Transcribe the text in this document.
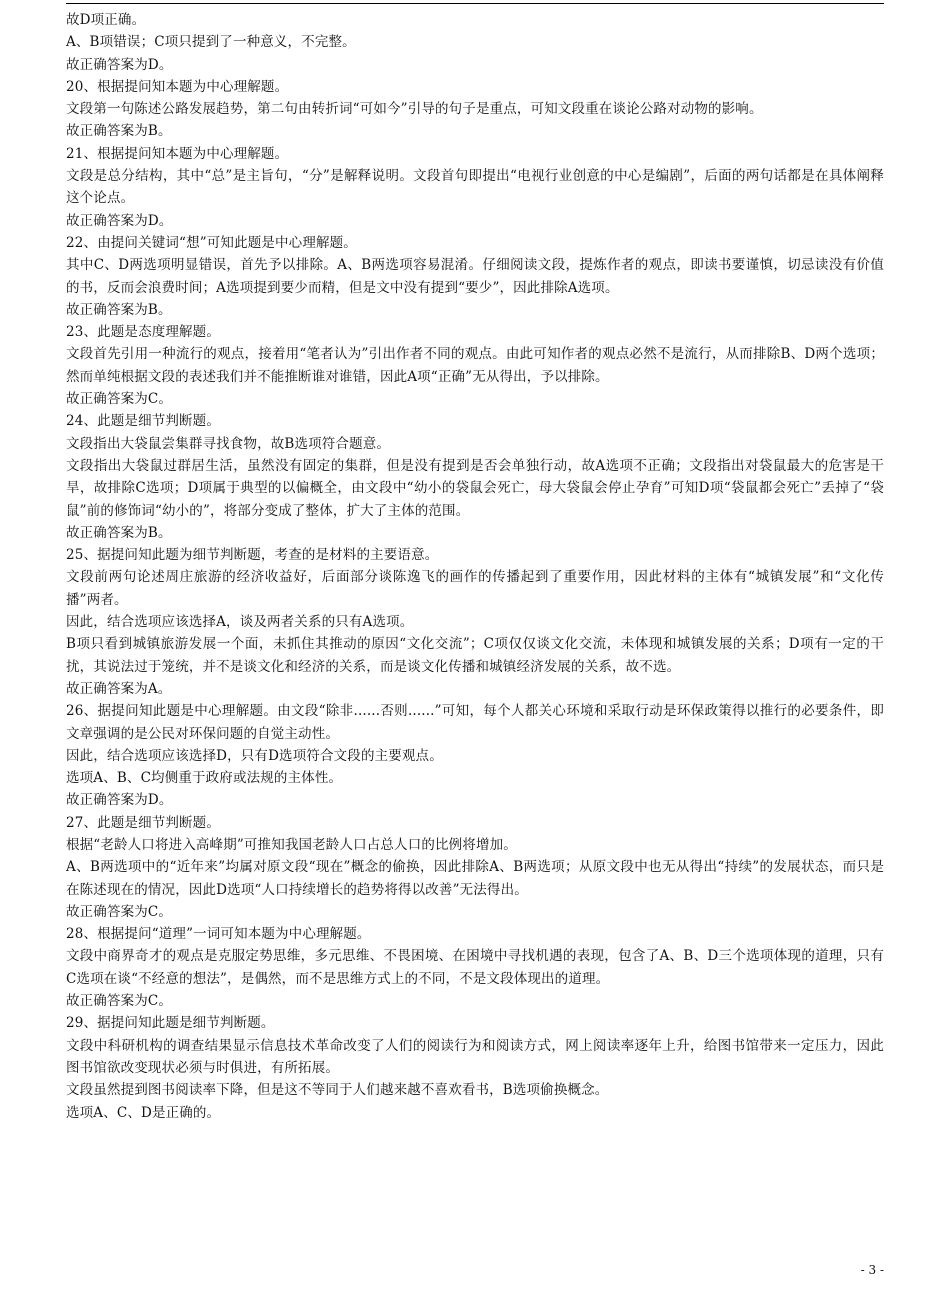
故D项正确。

A、B项错误；C项只提到了一种意义，不完整。

故正确答案为D。

20、根据提问知本题为中心理解题。

文段第一句陈述公路发展趋势，第二句由转折词“可如今”引导的句子是重点，可知文段重在谈论公路对动物的影响。

故正确答案为B。

21、根据提问知本题为中心理解题。

文段是总分结构，其中“总”是主旨句，“分”是解释说明。文段首句即提出“电视行业创意的中心是编剧”，后面的两句话都是在具体阐释这个论点。

故正确答案为D。

22、由提问关键词“想”可知此题是中心理解题。

其中C、D两选项明显错误，首先予以排除。A、B两选项容易混淆。仔细阅读文段，提炼作者的观点，即读书要谨慎，切忌读没有价值的书，反而会浪费时间；A选项提到要少而精，但是文中没有提到“要少”，因此排除A选项。

故正确答案为B。

23、此题是态度理解题。

文段首先引用一种流行的观点，接着用“笔者认为”引出作者不同的观点。由此可知作者的观点必然不是流行，从而排除B、D两个选项；然而单纯根据文段的表述我们并不能推断谁对谁错，因此A项“正确”无从得出，予以排除。

故正确答案为C。

24、此题是细节判断题。

文段指出大袋鼠尝集群寻找食物，故B选项符合题意。

文段指出大袋鼠过群居生活，虽然没有固定的集群，但是没有提到是否会单独行动，故A选项不正确；文段指出对袋鼠最大的危害是干旱，故排除C选项；D项属于典型的以偏概全，由文段中“幼小的袋鼠会死亡，母大袋鼠会停止孕育”可知D项“袋鼠都会死亡”丢掉了“袋鼠”前的修饰词“幼小的”，将部分变成了整体，扩大了主体的范围。

故正确答案为B。

25、据提问知此题为细节判断题，考查的是材料的主要语意。

文段前两句论述周庄旅游的经济收益好，后面部分谈陈逸飞的画作的传播起到了重要作用，因此材料的主体有“城镇发展”和“文化传播”两者。

因此，结合选项应该选择A，谈及两者关系的只有A选项。

B项只看到城镇旅游发展一个面，未抓住其推动的原因“文化交流”；C项仅仅谈文化交流，未体现和城镇发展的关系；D项有一定的干扰，其说法过于笼统，并不是谈文化和经济的关系，而是谈文化传播和城镇经济发展的关系，故不选。

故正确答案为A。

26、据提问知此题是中心理解题。由文段“除非......否则......”可知，每个人都关心环境和采取行动是环保政策得以推行的必要条件，即文章强调的是公民对环保问题的自觉主动性。

因此，结合选项应该选择D，只有D选项符合文段的主要观点。

选项A、B、C均侧重于政府或法规的主体性。

故正确答案为D。

27、此题是细节判断题。

根据“老龄人口将进入高峰期”可推知我国老龄人口占总人口的比例将增加。

A、B两选项中的“近年来”均属对原文段“现在”概念的偷换，因此排除A、B两选项；从原文段中也无从得出“持续”的发展状态，而只是在陈述现在的情况，因此D选项“人口持续增长的趋势将得以改善”无法得出。

故正确答案为C。

28、根据提问“道理”一词可知本题为中心理解题。

文段中商界奇才的观点是克服定势思维，多元思维、不畏困境、在困境中寻找机遇的表现，包含了A、B、D三个选项体现的道理，只有C选项在谈“不经意的想法”，是偶然，而不是思维方式上的不同，不是文段体现出的道理。

故正确答案为C。

29、据提问知此题是细节判断题。

文段中科研机构的调查结果显示信息技术革命改变了人们的阅读行为和阅读方式，网上阅读率逐年上升，给图书馆带来一定压力，因此图书馆欲改变现状必须与时俱进，有所拓展。

文段虽然提到图书阅读率下降，但是这不等同于人们越来越不喜欢看书，B选项偷换概念。

选项A、C、D是正确的。

- 3 -
